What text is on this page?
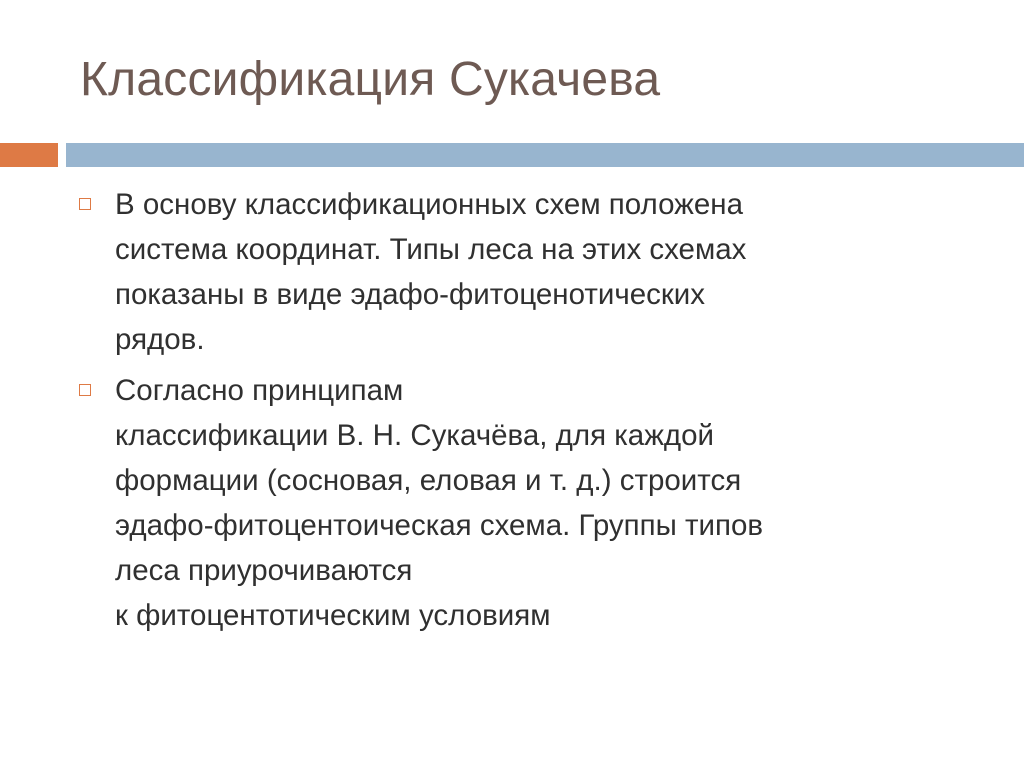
Классификация Сукачева
В основу классификационных схем положена
система координат. Типы леса на этих схемах
показаны в виде эдафо-фитоценотических
рядов.
Согласно принципам
классификации В. Н. Сукачёва, для каждой
формации (сосновая, еловая и т. д.) строится
эдафо-фитоцентоическая схема. Группы типов
леса приурочиваются
к фитоцентотическим условиям
